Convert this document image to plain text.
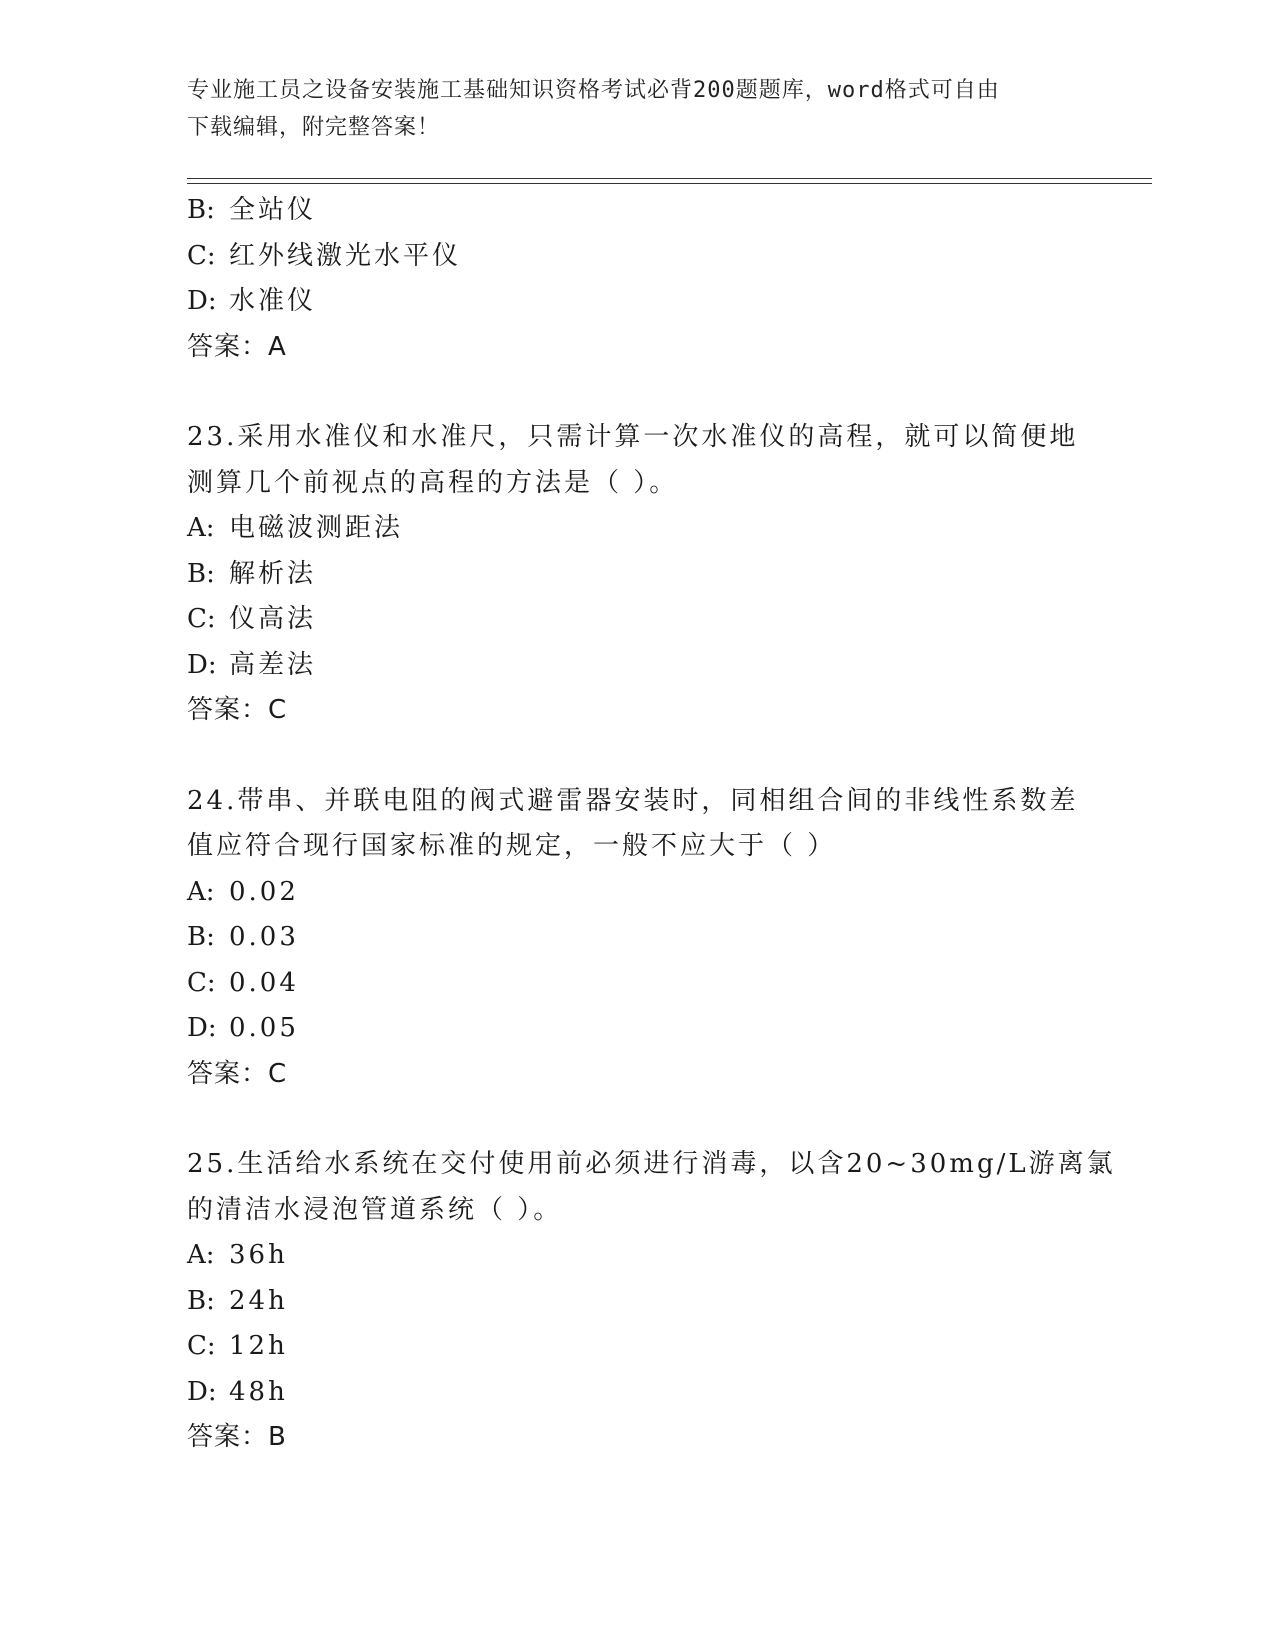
专业施工员之设备安装施工基础知识资格考试必背200题题库，word格式可自由
下载编辑，附完整答案！
B: 全站仪
C: 红外线激光水平仪
D: 水准仪
答案：A
23.采用水准仪和水准尺，只需计算一次水准仪的高程，就可以简便地
测算几个前视点的高程的方法是（ ）。
A: 电磁波测距法
B: 解析法
C: 仪高法
D: 高差法
答案：C
24.带串、并联电阻的阀式避雷器安装时，同相组合间的非线性系数差
值应符合现行国家标准的规定，一般不应大于（ ）
A: 0.02
B: 0.03
C: 0.04
D: 0.05
答案：C
25.生活给水系统在交付使用前必须进行消毒，以含20~30mg/L游离氯
的清洁水浸泡管道系统（ ）。
A: 36h
B: 24h
C: 12h
D: 48h
答案：B
